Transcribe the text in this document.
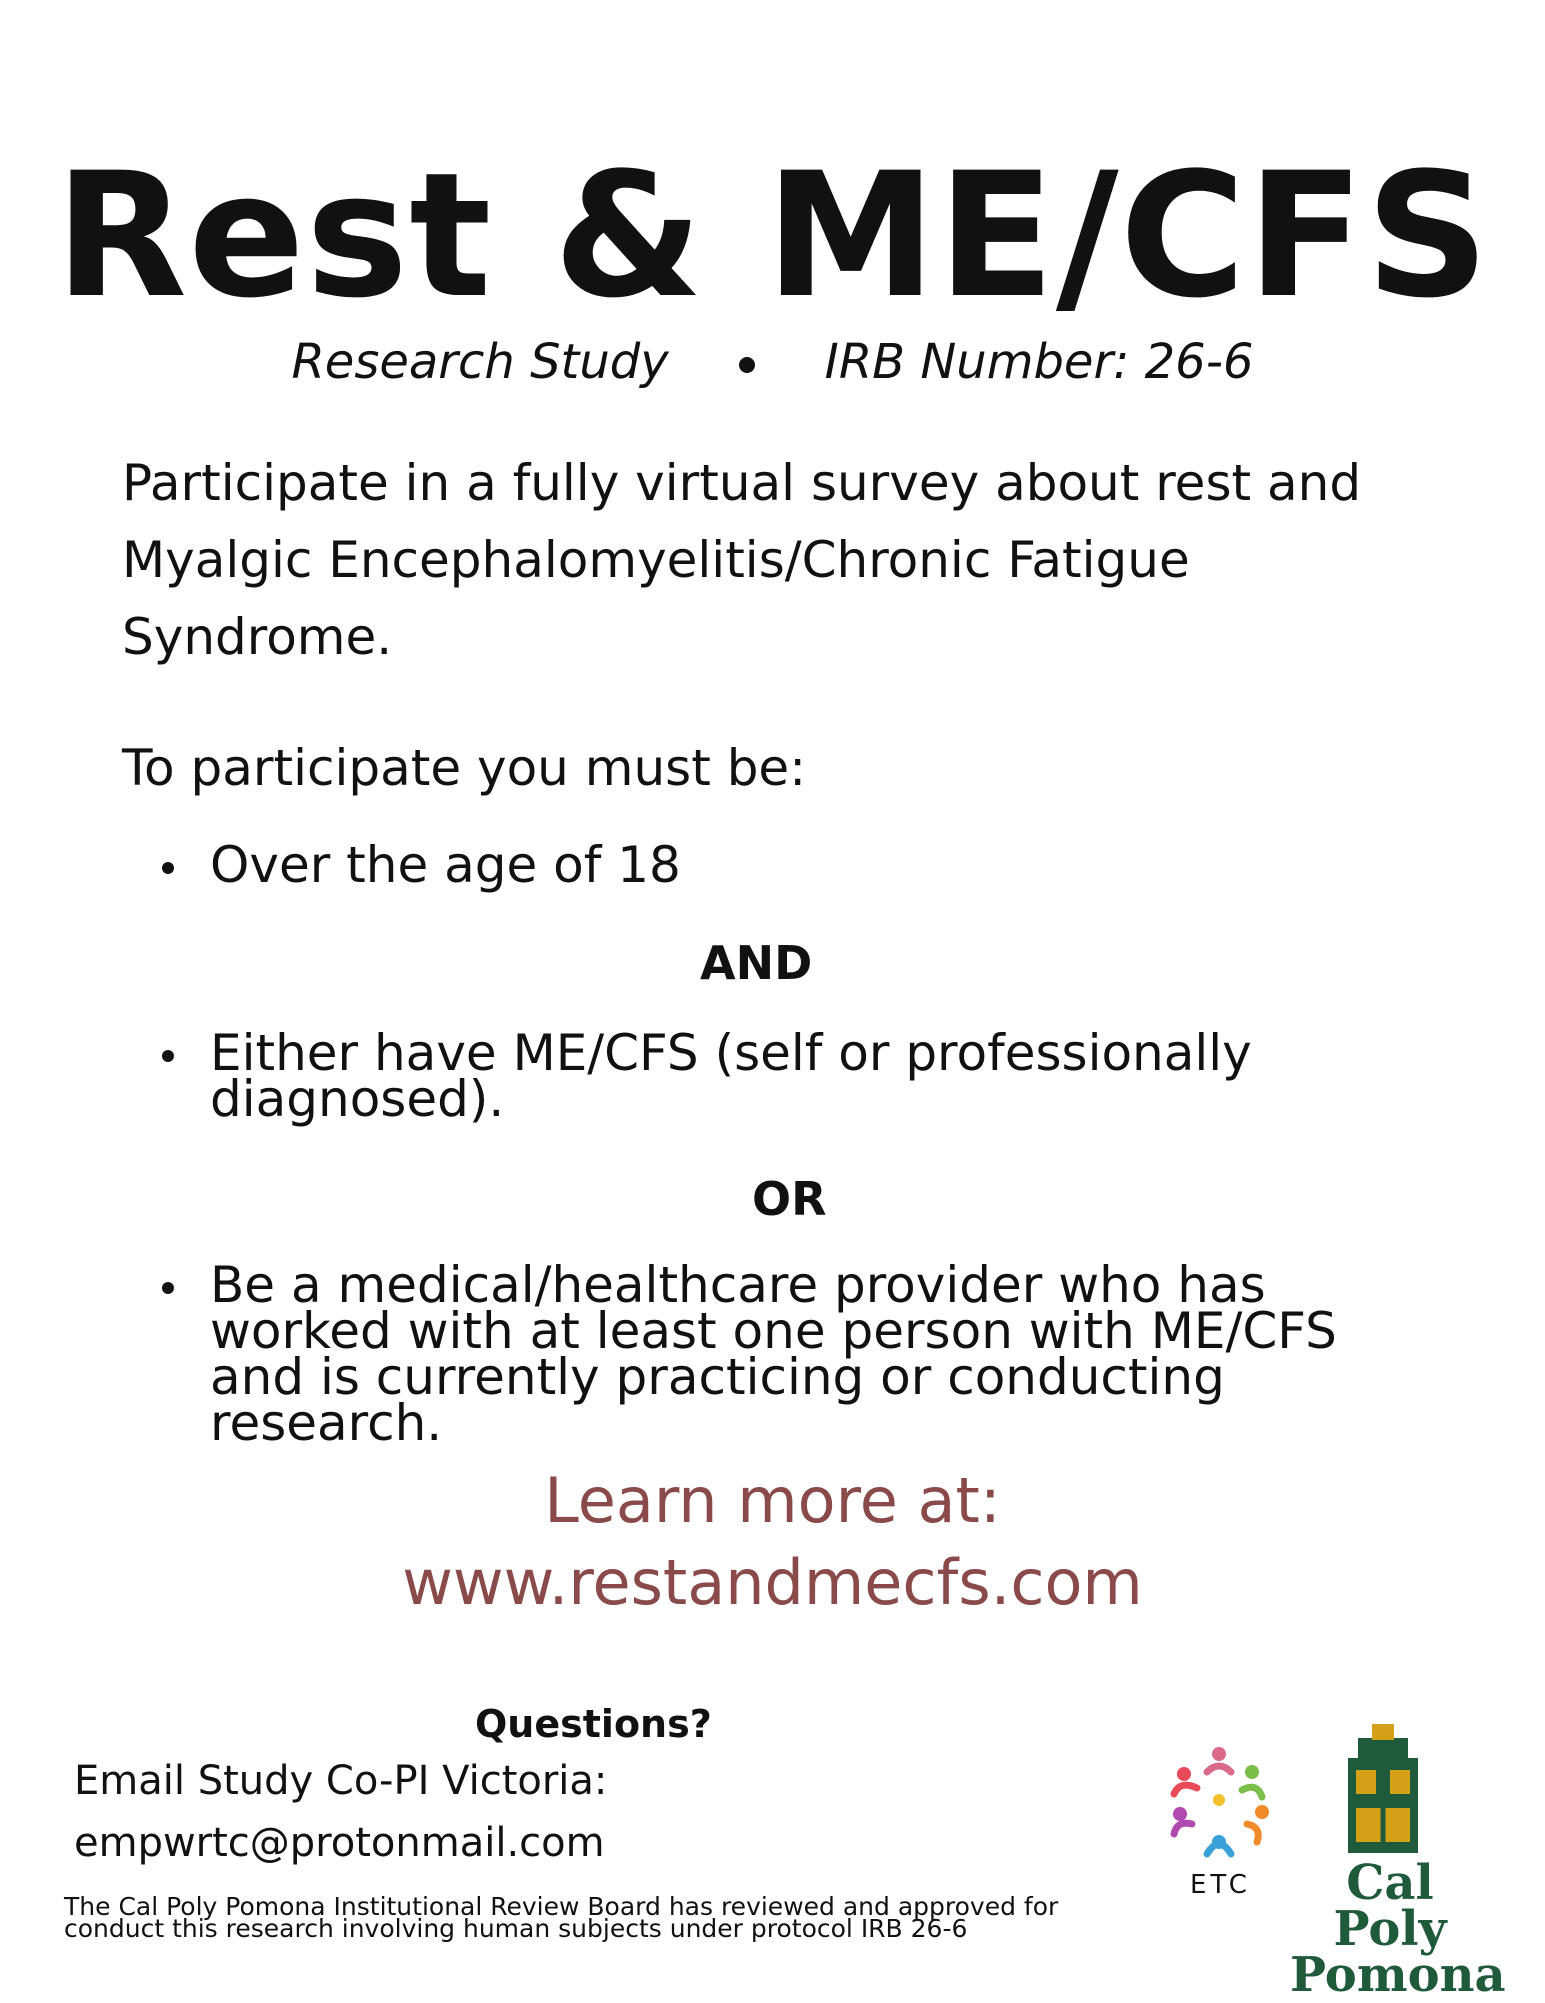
Rest & ME/CFS
Research Study	IRB Number: 26-6
Participate in a fully virtual survey about rest and Myalgic Encephalomyelitis/Chronic Fatigue Syndrome.
To participate you must be:
Over the age of 18
AND
Either have ME/CFS (self or professionally diagnosed).
OR
Be a medical/healthcare provider who has worked with at least one person with ME/CFS and is currently practicing or conducting research.
Learn more at:
www.restandmecfs.com
Questions?
Email Study Co-PI Victoria:
empwrtc@protonmail.com
The Cal Poly Pomona Institutional Review Board has reviewed and approved for conduct this research involving human subjects under protocol IRB 26-6
ETC	Cal Poly
Pomona
